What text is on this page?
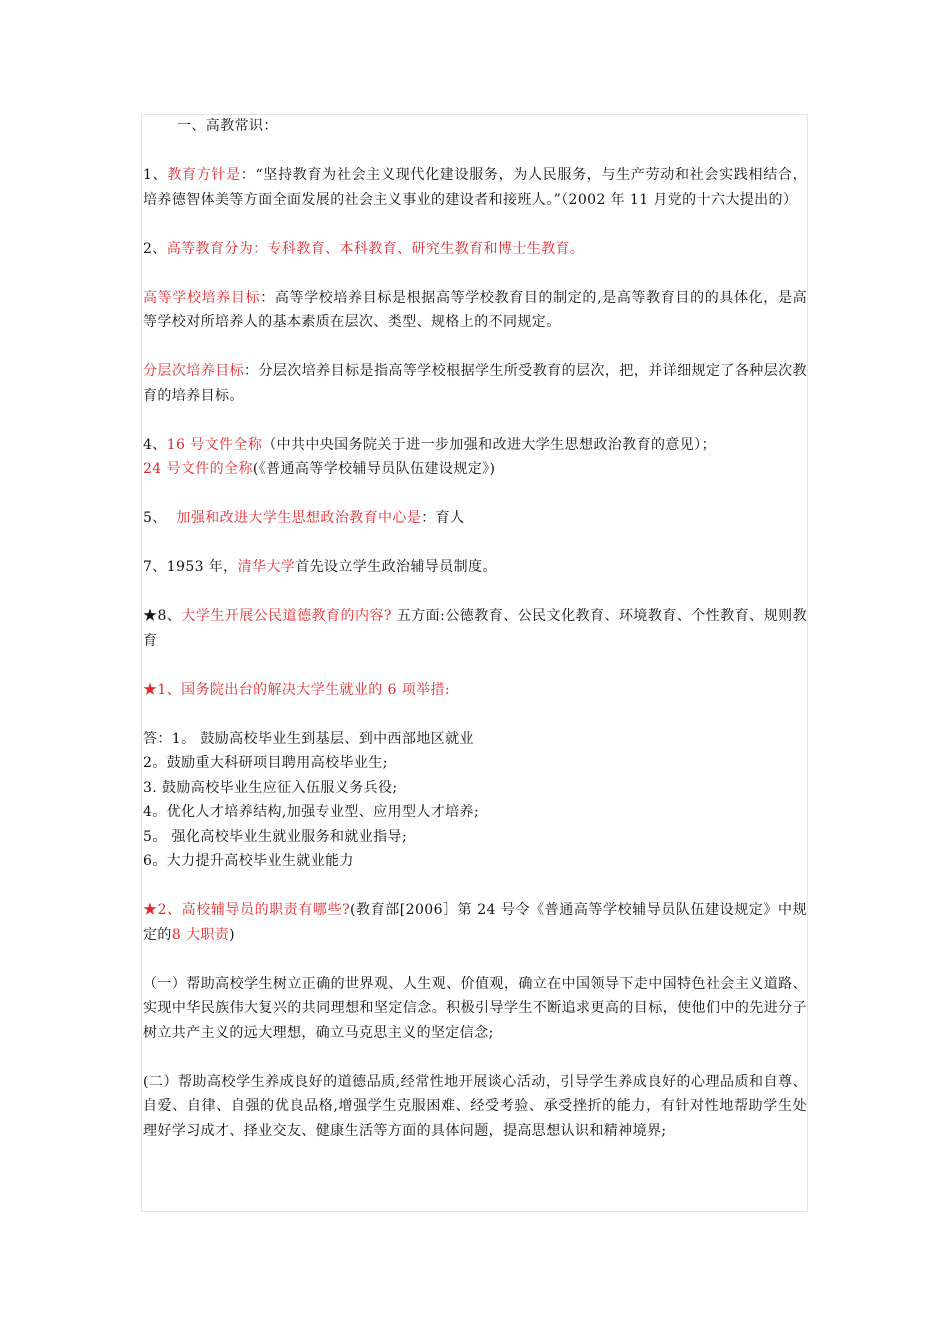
一、高教常识：

1、教育方针是：“坚持教育为社会主义现代化建设服务，为人民服务，与生产劳动和社会实践相结合，培养德智体美等方面全面发展的社会主义事业的建设者和接班人。”（2002 年 11 月党的十六大提出的）

2、高等教育分为：专科教育、本科教育、研究生教育和博士生教育。

高等学校培养目标：高等学校培养目标是根据高等学校教育目的制定的,是高等教育目的的具体化，是高等学校对所培养人的基本素质在层次、类型、规格上的不同规定。

分层次培养目标：分层次培养目标是指高等学校根据学生所受教育的层次，把，并详细规定了各种层次教育的培养目标。

4、16 号文件全称（中共中央国务院关于进一步加强和改进大学生思想政治教育的意见）；

24 号文件的全称(《普通高等学校辅导员队伍建设规定》)

5、 加强和改进大学生思想政治教育中心是：育人

7、1953 年，清华大学首先设立学生政治辅导员制度。

★8、大学生开展公民道德教育的内容? 五方面:公德教育、公民文化教育、环境教育、个性教育、规则教育

★1、国务院出台的解决大学生就业的 6 项举措:

答：1。 鼓励高校毕业生到基层、到中西部地区就业

2。鼓励重大科研项目聘用高校毕业生;

3. 鼓励高校毕业生应征入伍服义务兵役;

4。优化人才培养结构,加强专业型、应用型人才培养;

5。 强化高校毕业生就业服务和就业指导;

6。大力提升高校毕业生就业能力

★2、高校辅导员的职责有哪些?(教育部[2006］第 24 号令《普通高等学校辅导员队伍建设规定》中规定的8 大职责)

（一）帮助高校学生树立正确的世界观、人生观、价值观，确立在中国领导下走中国特色社会主义道路、实现中华民族伟大复兴的共同理想和坚定信念。积极引导学生不断追求更高的目标，使他们中的先进分子树立共产主义的远大理想，确立马克思主义的坚定信念;

(二）帮助高校学生养成良好的道德品质,经常性地开展谈心活动，引导学生养成良好的心理品质和自尊、自爱、自律、自强的优良品格,增强学生克服困难、经受考验、承受挫折的能力，有针对性地帮助学生处理好学习成才、择业交友、健康生活等方面的具体问题，提高思想认识和精神境界;
